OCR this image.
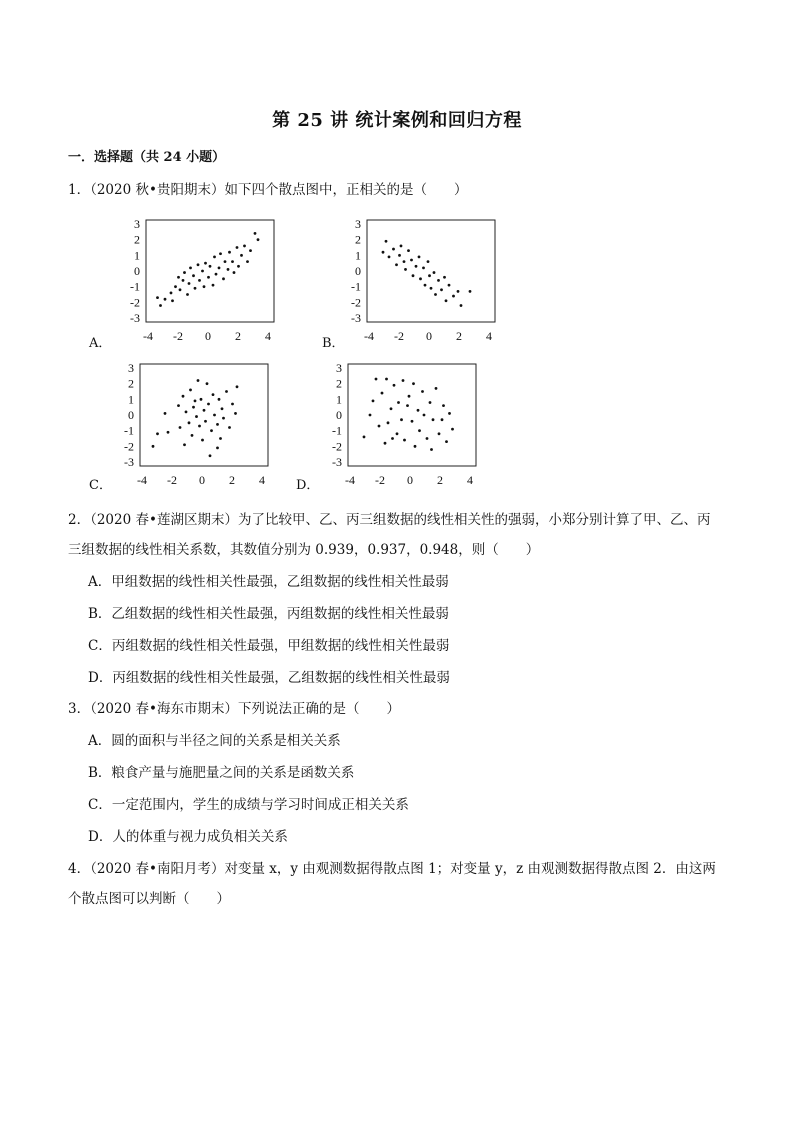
第 25 讲 统计案例和回归方程
一．选择题（共 24 小题）
1．（2020 秋•贵阳期末）如下四个散点图中，正相关的是（　　）
3
2
1
0
-1
-2
-3
-4 -2 0 2 4
A．
3
2
1
0
-1
-2
-3
-4 -2 0 2 4
B．
3
2
1
0
-1
-2
-3
-4 -2 0 2 4
C．
3
2
1
0
-1
-2
-3
-4 -2 0 2 4
D．
2．（2020 春•莲湖区期末）为了比较甲、乙、丙三组数据的线性相关性的强弱，小郑分别计算了甲、乙、丙
三组数据的线性相关系数，其数值分别为 0.939，0.937，0.948，则（　　）
A．甲组数据的线性相关性最强，乙组数据的线性相关性最弱
B．乙组数据的线性相关性最强，丙组数据的线性相关性最弱
C．丙组数据的线性相关性最强，甲组数据的线性相关性最弱
D．丙组数据的线性相关性最强，乙组数据的线性相关性最弱
3．（2020 春•海东市期末）下列说法正确的是（　　）
A．圆的面积与半径之间的关系是相关关系
B．粮食产量与施肥量之间的关系是函数关系
C．一定范围内，学生的成绩与学习时间成正相关关系
D．人的体重与视力成负相关关系
4．（2020 春•南阳月考）对变量 x，y 由观测数据得散点图 1；对变量 y，z 由观测数据得散点图 2．由这两
个散点图可以判断（　　）
